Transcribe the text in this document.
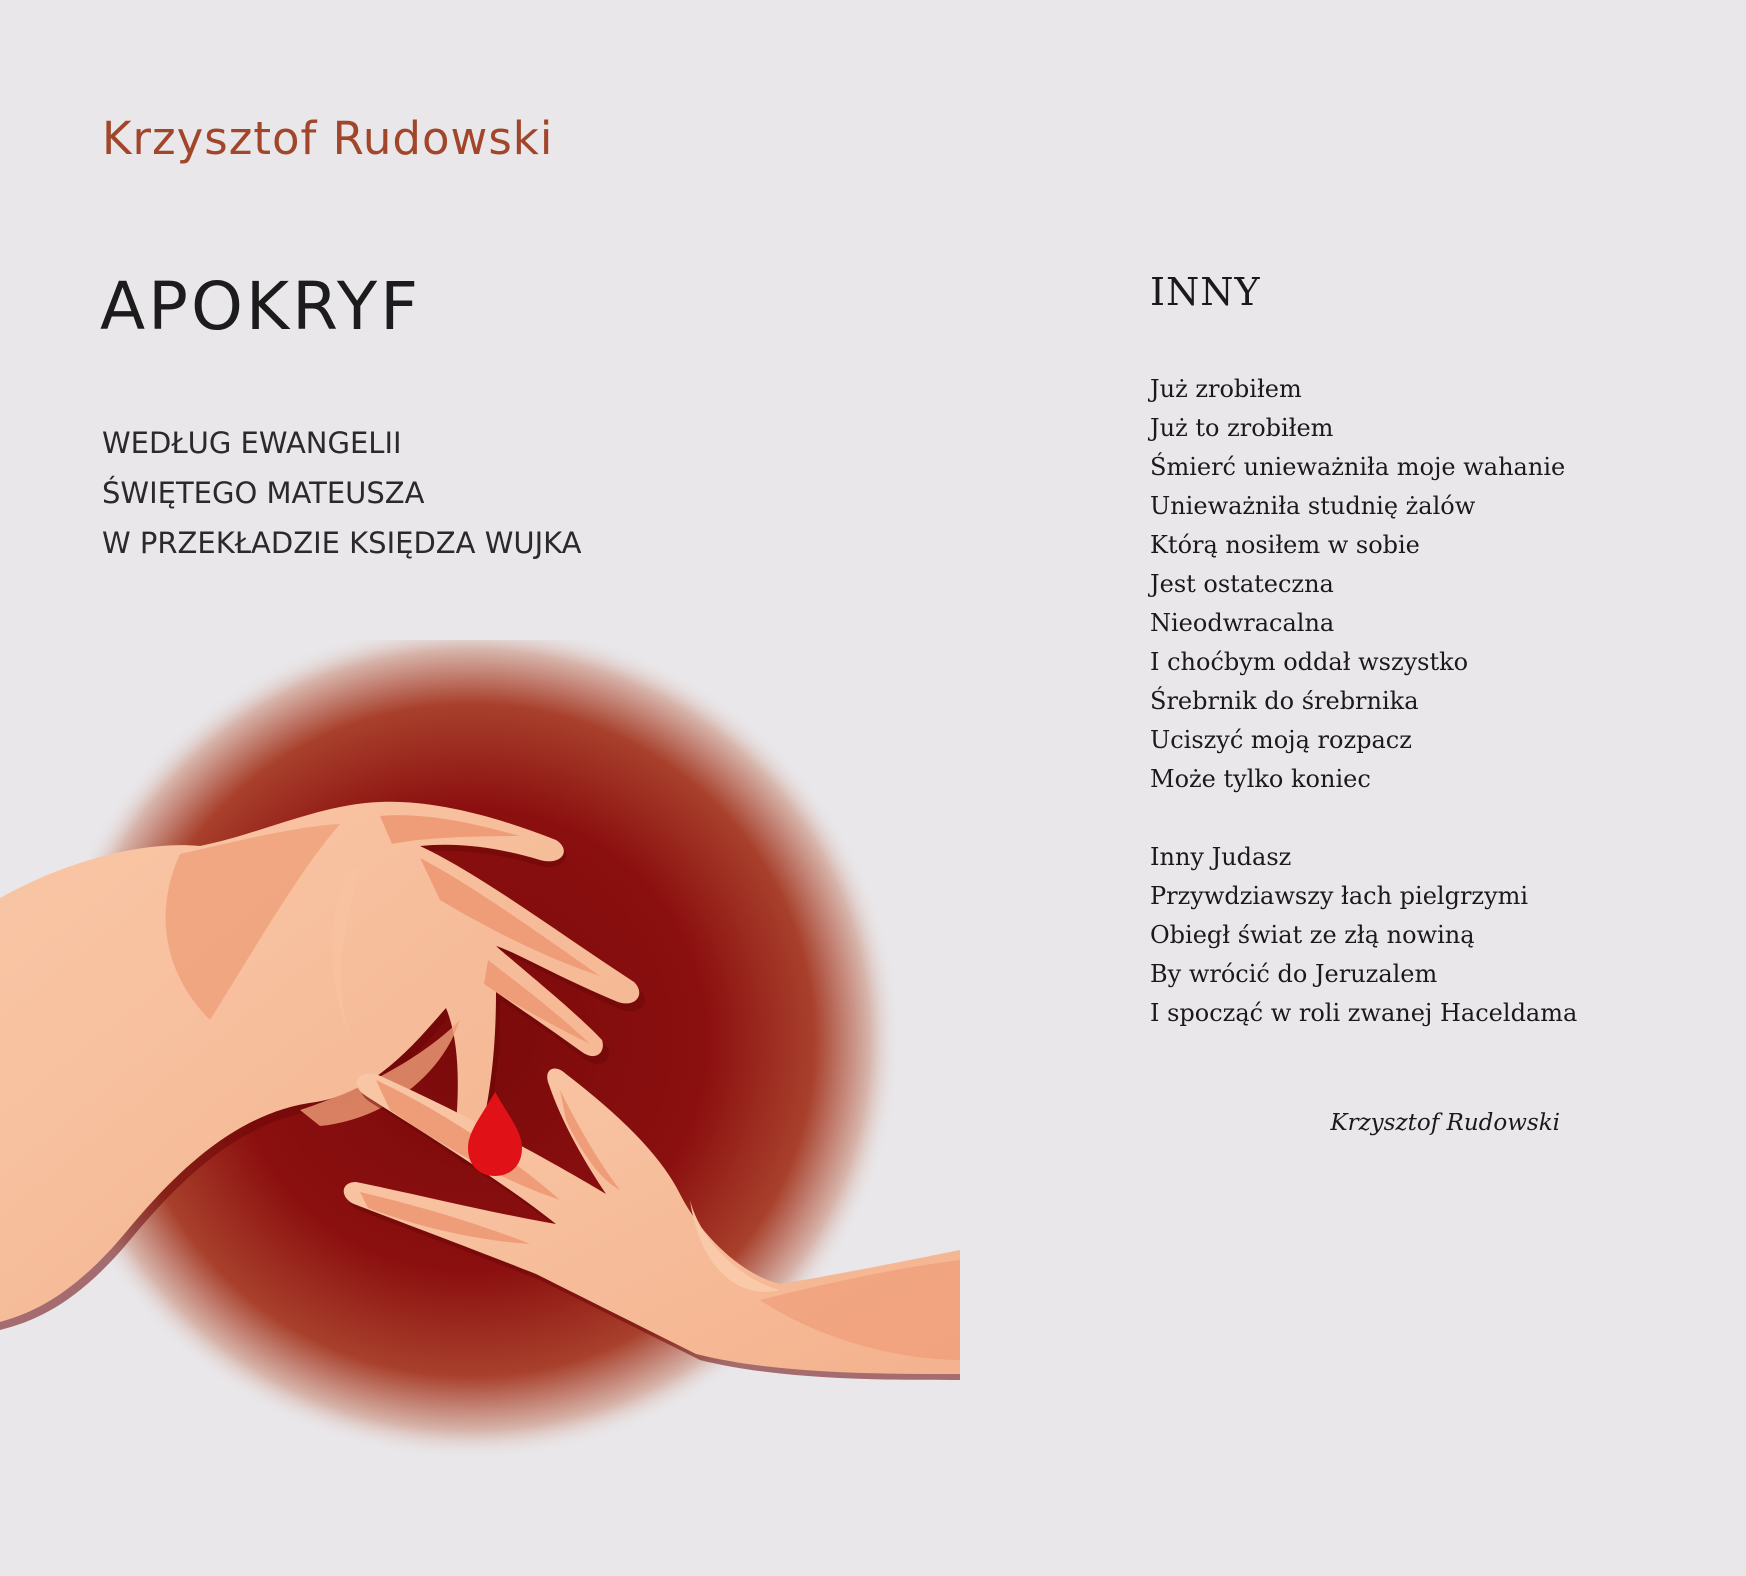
Krzysztof Rudowski
APOKRYF

WEDŁUG EWANGELII
ŚWIĘTEGO MATEUSZA
W PRZEKŁADZIE KSIĘDZA WUJKA

INNY
Już zrobiłem
Już to zrobiłem
Śmierć unieważniła moje wahanie
Unieważniła studnię żalów
Którą nosiłem w sobie
Jest ostateczna
Nieodwracalna
I choćbym oddał wszystko
Śrebrnik do śrebrnika
Uciszyć moją rozpacz
Może tylko koniec
Inny Judasz
Przywdziawszy łach pielgrzymi
Obiegł świat ze złą nowiną
By wrócić do Jeruzalem
I spocząć w roli zwanej Haceldama
Krzysztof Rudowski
